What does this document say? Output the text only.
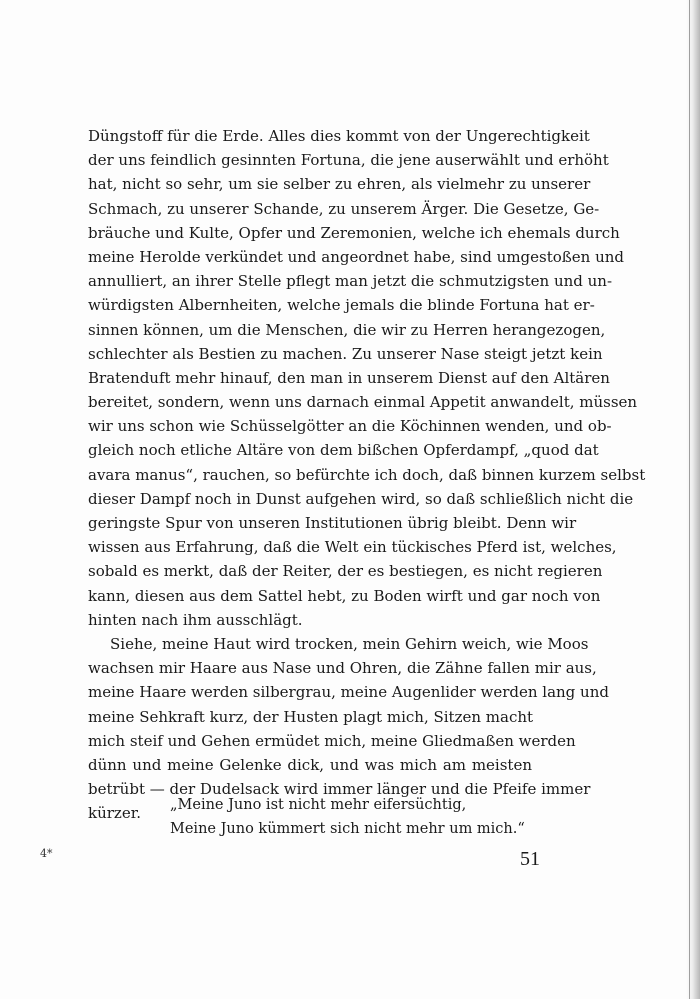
Düngstoff für die Erde. Alles dies kommt von der Ungerechtigkeit
der uns feindlich gesinnten Fortuna, die jene auserwählt und erhöht
hat, nicht so sehr, um sie selber zu ehren, als vielmehr zu unserer
Schmach, zu unserer Schande, zu unserem Ärger. Die Gesetze, Ge-
bräuche und Kulte, Opfer und Zeremonien, welche ich ehemals durch
meine Herolde verkündet und angeordnet habe, sind umgestoßen und
annulliert, an ihrer Stelle pflegt man jetzt die schmutzigsten und un-
würdigsten Albernheiten, welche jemals die blinde Fortuna hat er-
sinnen können, um die Menschen, die wir zu Herren herangezogen,
schlechter als Bestien zu machen. Zu unserer Nase steigt jetzt kein
Bratenduft mehr hinauf, den man in unserem Dienst auf den Altären
bereitet, sondern, wenn uns darnach einmal Appetit anwandelt, müssen
wir uns schon wie Schüsselgötter an die Köchinnen wenden, und ob-
gleich noch etliche Altäre von dem bißchen Opferdampf, „quod dat
avara manus“, rauchen, so befürchte ich doch, daß binnen kurzem selbst
dieser Dampf noch in Dunst aufgehen wird, so daß schließlich nicht die
geringste Spur von unseren Institutionen übrig bleibt. Denn wir
wissen aus Erfahrung, daß die Welt ein tückisches Pferd ist, welches,
sobald es merkt, daß der Reiter, der es bestiegen, es nicht regieren
kann, diesen aus dem Sattel hebt, zu Boden wirft und gar noch von
hinten nach ihm ausschlägt.
Siehe, meine Haut wird trocken, mein Gehirn weich, wie Moos
wachsen mir Haare aus Nase und Ohren, die Zähne fallen mir aus,
meine Haare werden silbergrau, meine Augenlider werden lang und
meine Sehkraft kurz, der Husten plagt mich, Sitzen macht
mich steif und Gehen ermüdet mich, meine Gliedmaßen werden
dünn und meine Gelenke dick, und was mich am meisten
betrübt — der Dudelsack wird immer länger und die Pfeife immer
kürzer.	„Meine Juno ist nicht mehr eifersüchtig,
Meine Juno kümmert sich nicht mehr um mich.“
4*	51
